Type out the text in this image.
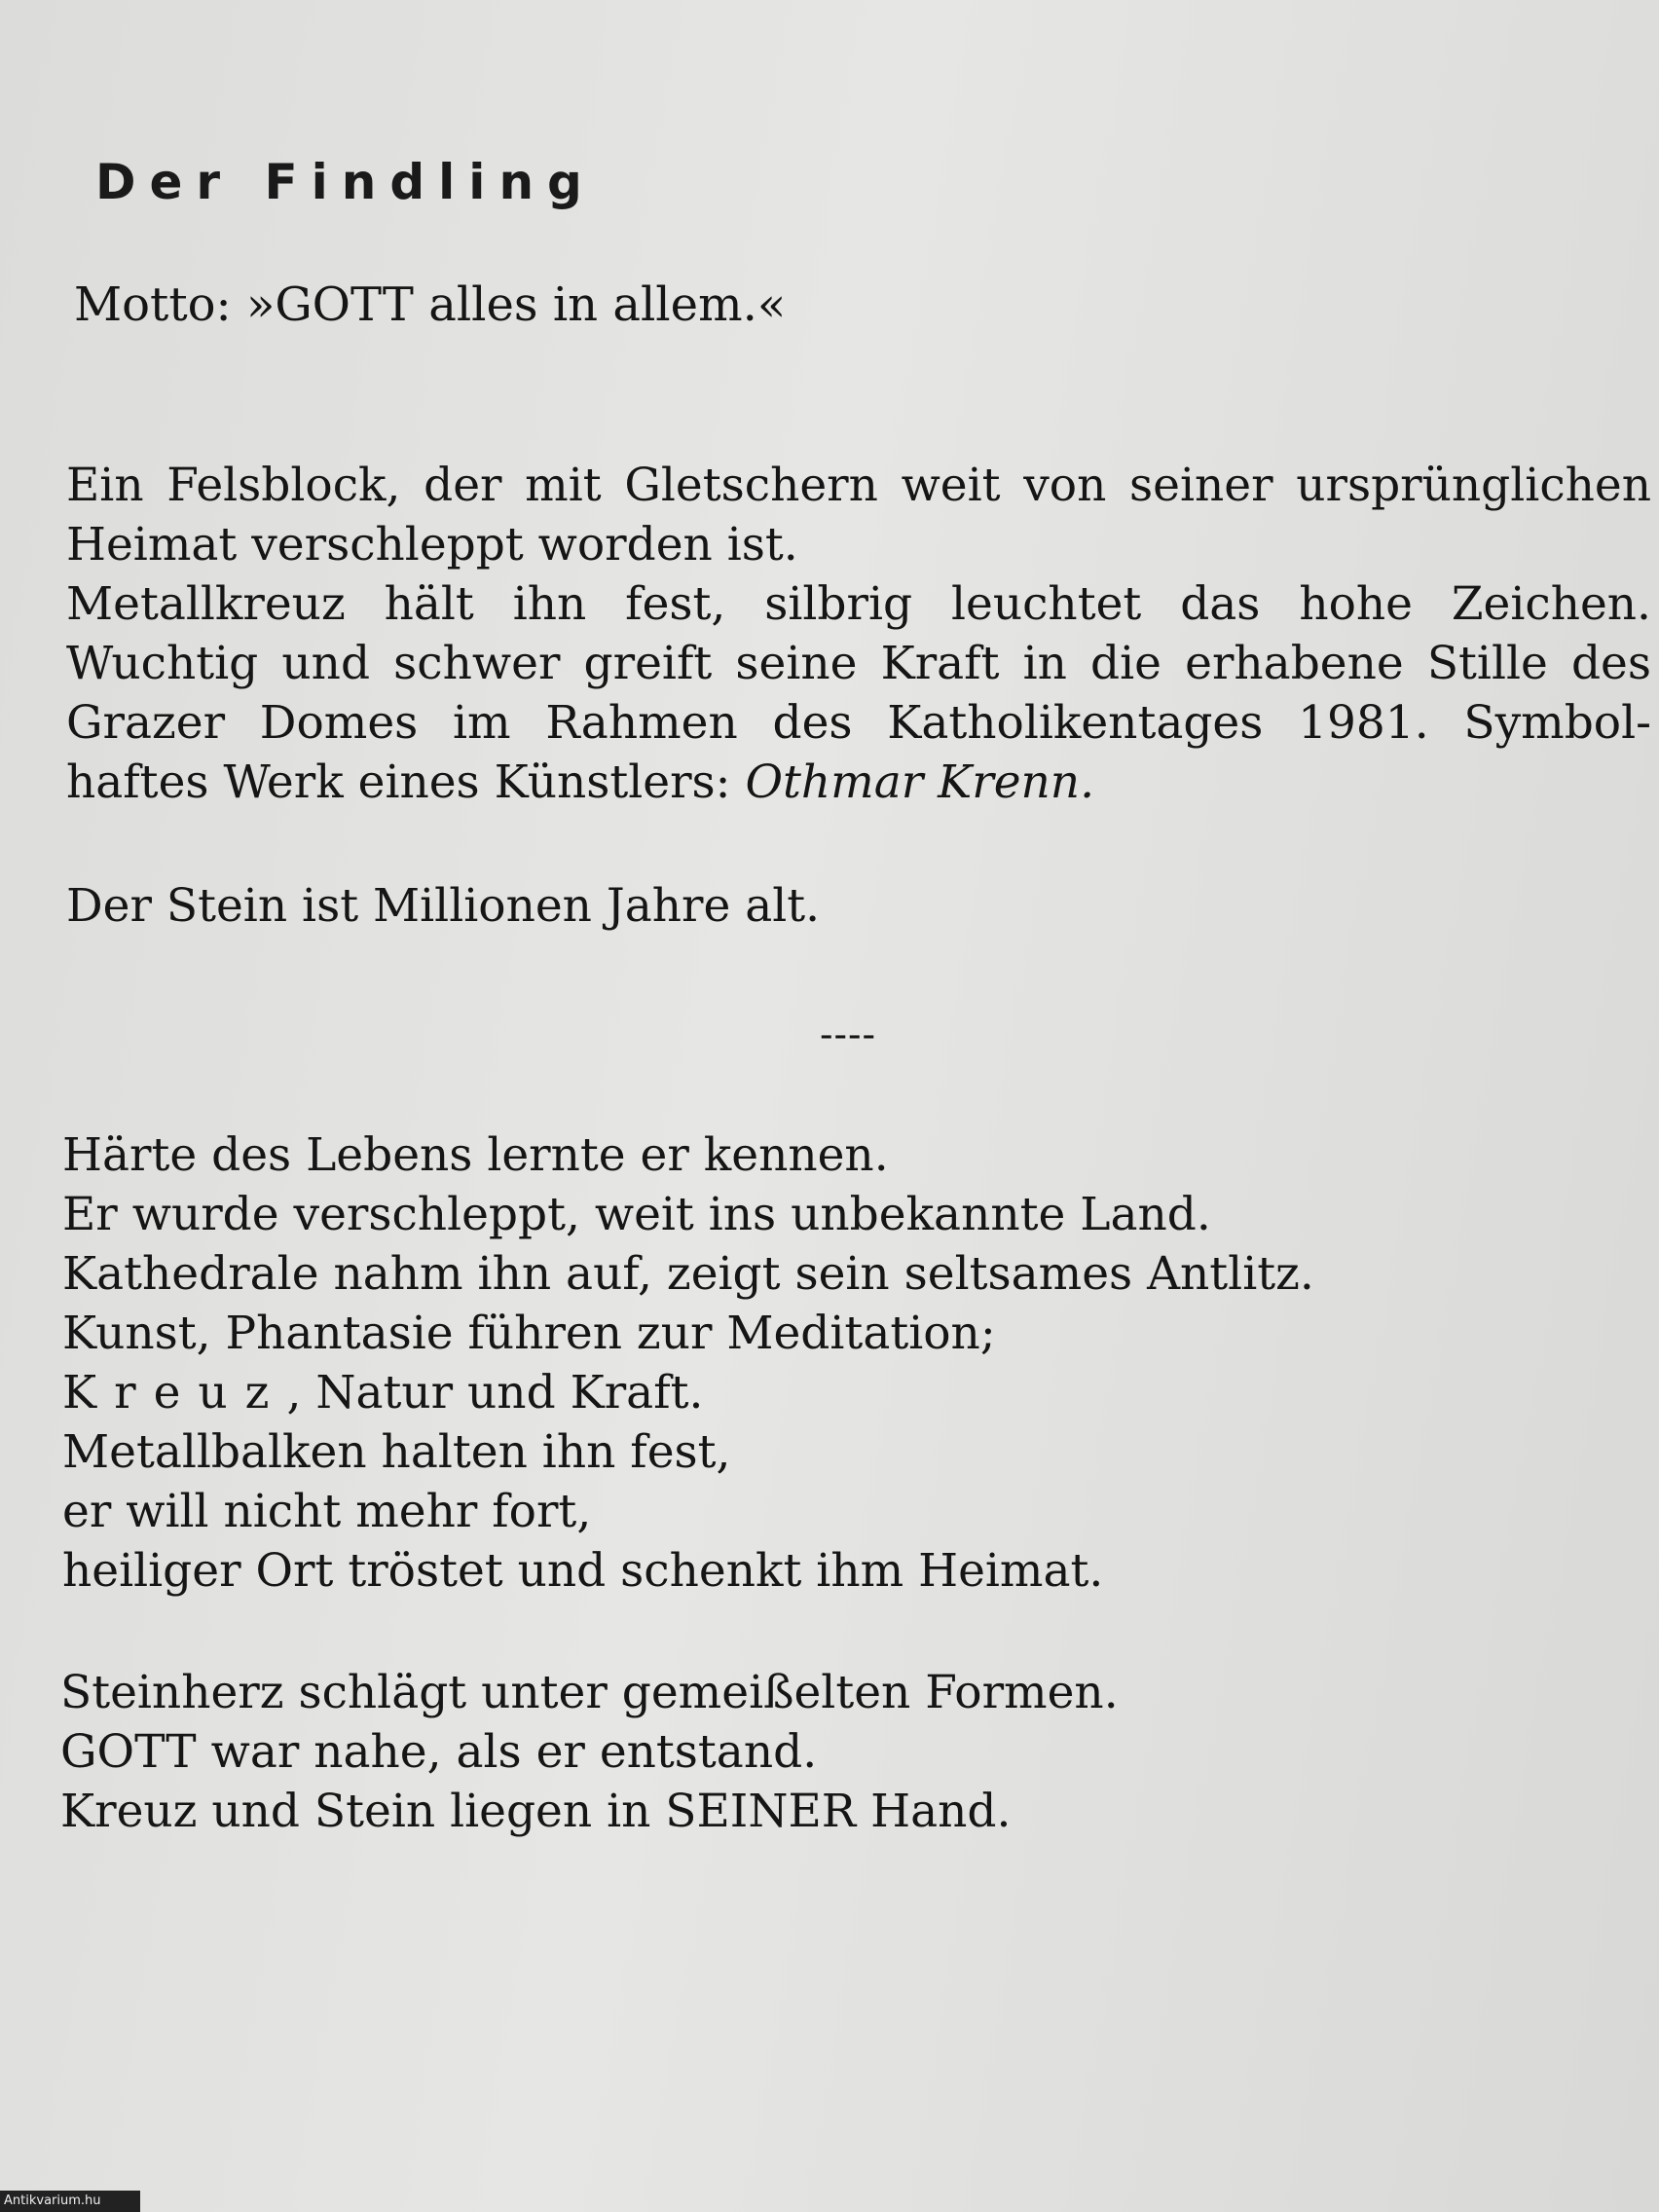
Der Findling
Motto: »GOTT alles in allem.«
Ein Felsblock, der mit Gletschern weit von seiner ursprünglichen
Heimat verschleppt worden ist.
Metallkreuz hält ihn fest, silbrig leuchtet das hohe Zeichen.
Wuchtig und schwer greift seine Kraft in die erhabene Stille des
Grazer Domes im Rahmen des Katholikentages 1981. Symbol-
haftes Werk eines Künstlers: Othmar Krenn.
Der Stein ist Millionen Jahre alt.
----
Härte des Lebens lernte er kennen.
Er wurde verschleppt, weit ins unbekannte Land.
Kathedrale nahm ihn auf, zeigt sein seltsames Antlitz.
Kunst, Phantasie führen zur Meditation;
Kreuz, Natur und Kraft.
Metallbalken halten ihn fest,
er will nicht mehr fort,
heiliger Ort tröstet und schenkt ihm Heimat.
Steinherz schlägt unter gemeißelten Formen.
GOTT war nahe, als er entstand.
Kreuz und Stein liegen in SEINER Hand.
Antikvarium.hu
